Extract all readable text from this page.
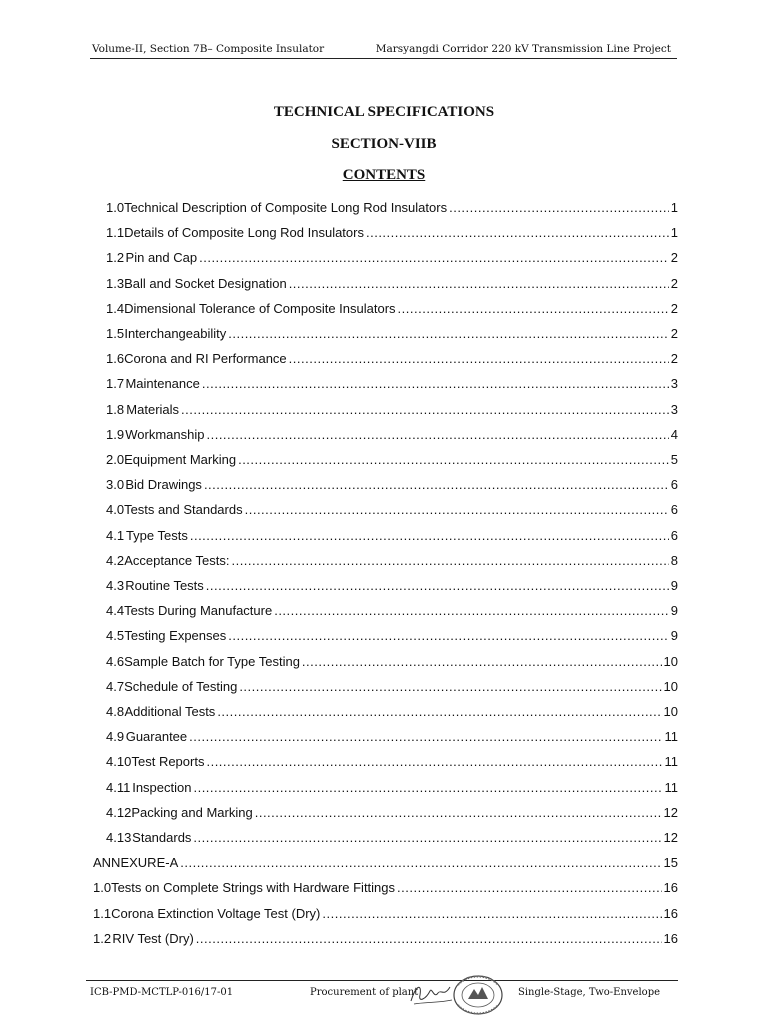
Volume-II, Section 7B– Composite Insulator	Marsyangdi Corridor 220 kV Transmission Line Project
TECHNICAL SPECIFICATIONS
SECTION-VIIB
CONTENTS
1.0 Technical Description of Composite Long Rod Insulators .....	1
1.1 Details of Composite Long Rod Insulators .....	1
1.2 Pin and Cap .....	2
1.3 Ball and Socket Designation .....	2
1.4 Dimensional Tolerance of Composite Insulators .....	2
1.5 Interchangeability .....	2
1.6 Corona and RI Performance .....	2
1.7 Maintenance .....	3
1.8 Materials .....	3
1.9 Workmanship .....	4
2.0 Equipment Marking .....	5
3.0 Bid Drawings .....	6
4.0 Tests and Standards .....	6
4.1 Type Tests .....	6
4.2 Acceptance Tests: .....	8
4.3 Routine Tests .....	9
4.4 Tests During Manufacture .....	9
4.5 Testing Expenses .....	9
4.6 Sample Batch for Type Testing .....	10
4.7 Schedule of Testing .....	10
4.8 Additional Tests .....	10
4.9 Guarantee .....	11
4.10 Test Reports .....	11
4.11 Inspection .....	11
4.12 Packing and Marking .....	12
4.13 Standards .....	12
ANNEXURE-A .....	15
1.0 Tests on Complete Strings with Hardware Fittings .....	16
1.1 Corona Extinction Voltage Test (Dry) .....	16
1.2 RIV Test (Dry) .....	16
ICB-PMD-MCTLP-016/17-01	Procurement of plant	Single-Stage, Two-Envelope
